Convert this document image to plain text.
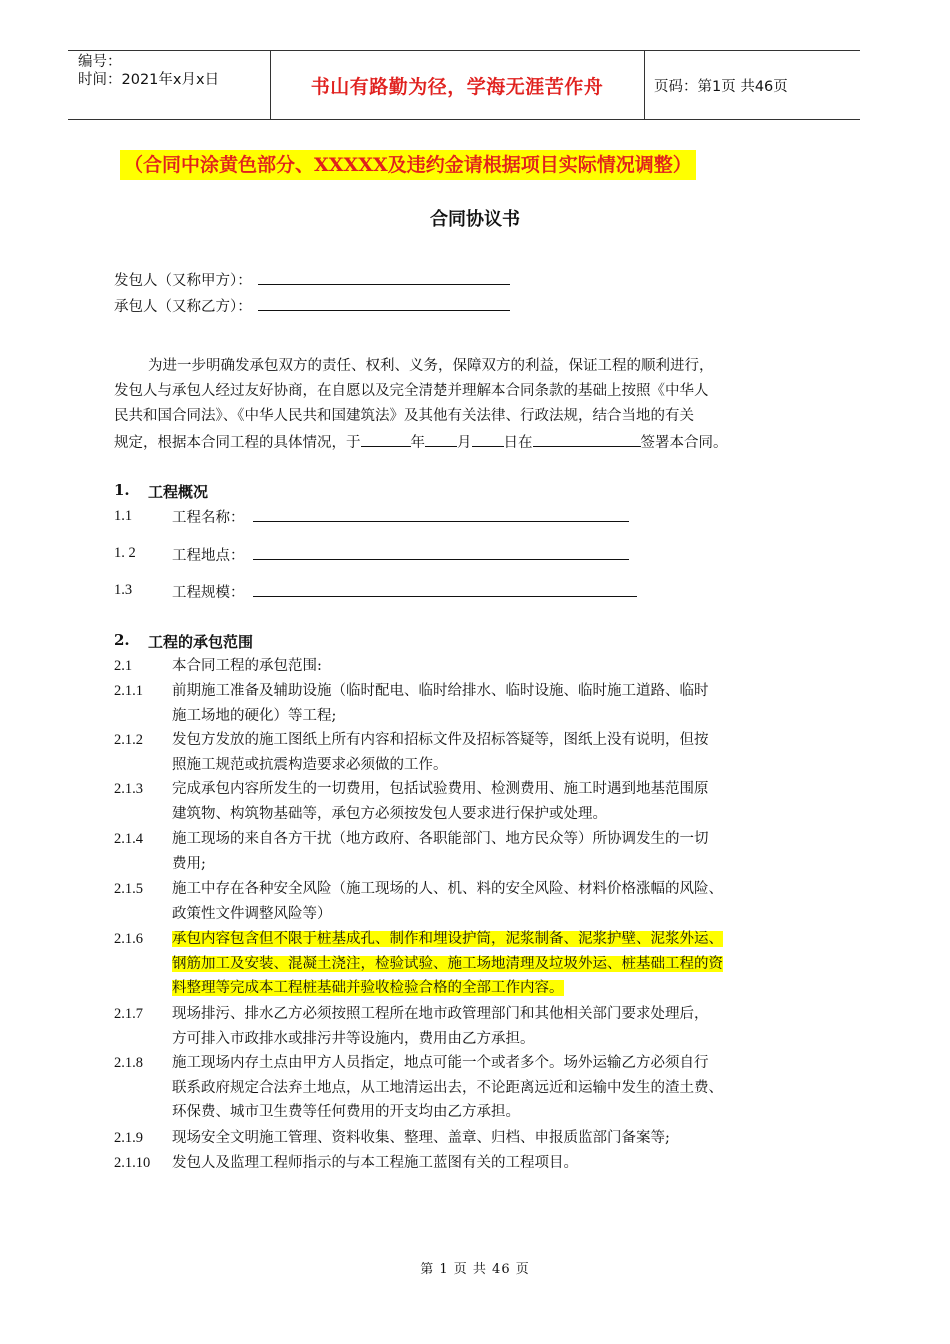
编号：
时间：2021年x月x日	书山有路勤为径，学海无涯苦作舟	页码：第1页 共46页
（合同中涂黄色部分、XXXXX及违约金请根据项目实际情况调整）
合同协议书
发包人（又称甲方）：
承包人（又称乙方）：
为进一步明确发承包双方的责任、权利、义务，保障双方的利益，保证工程的顺利进行，
发包人与承包人经过友好协商，在自愿以及完全清楚并理解本合同条款的基础上按照《中华人
民共和国合同法》、《中华人民共和国建筑法》及其他有关法律、行政法规，结合当地的有关
规定，根据本合同工程的具体情况，于	年 月 日在	签署本合同。
1. 工程概况
1.1	工程名称：
1. 2	工程地点：
1.3	工程规模：
2. 工程的承包范围
2.1	本合同工程的承包范围:
2.1.1 前期施工准备及辅助设施（临时配电、临时给排水、临时设施、临时施工道路、临时
施工场地的硬化）等工程;
2.1.2 发包方发放的施工图纸上所有内容和招标文件及招标答疑等，图纸上没有说明，但按
照施工规范或抗震构造要求必须做的工作。
2.1.3 完成承包内容所发生的一切费用，包括试验费用、检测费用、施工时遇到地基范围原
建筑物、构筑物基础等，承包方必须按发包人要求进行保护或处理。
2.1.4 施工现场的来自各方干扰（地方政府、各职能部门、地方民众等）所协调发生的一切
费用;
2.1.5 施工中存在各种安全风险（施工现场的人、机、料的安全风险、材料价格涨幅的风险、
政策性文件调整风险等）
2.1.6 承包内容包含但不限于桩基成孔、制作和埋设护筒，泥浆制备、泥浆护壁、泥浆外运、
钢筋加工及安装、混凝土浇注，检验试验、施工场地清理及垃圾外运、桩基础工程的资
料整理等完成本工程桩基础并验收检验合格的全部工作内容。
2.1.7 现场排污、排水乙方必须按照工程所在地市政管理部门和其他相关部门要求处理后，
方可排入市政排水或排污井等设施内，费用由乙方承担。
2.1.8 施工现场内存土点由甲方人员指定，地点可能一个或者多个。场外运输乙方必须自行
联系政府规定合法弃土地点，从工地清运出去，不论距离远近和运输中发生的渣土费、
环保费、城市卫生费等任何费用的开支均由乙方承担。
2.1.9 现场安全文明施工管理、资料收集、整理、盖章、归档、申报质监部门备案等;
2.1.10 发包人及监理工程师指示的与本工程施工蓝图有关的工程项目。
第 1 页 共 46 页
